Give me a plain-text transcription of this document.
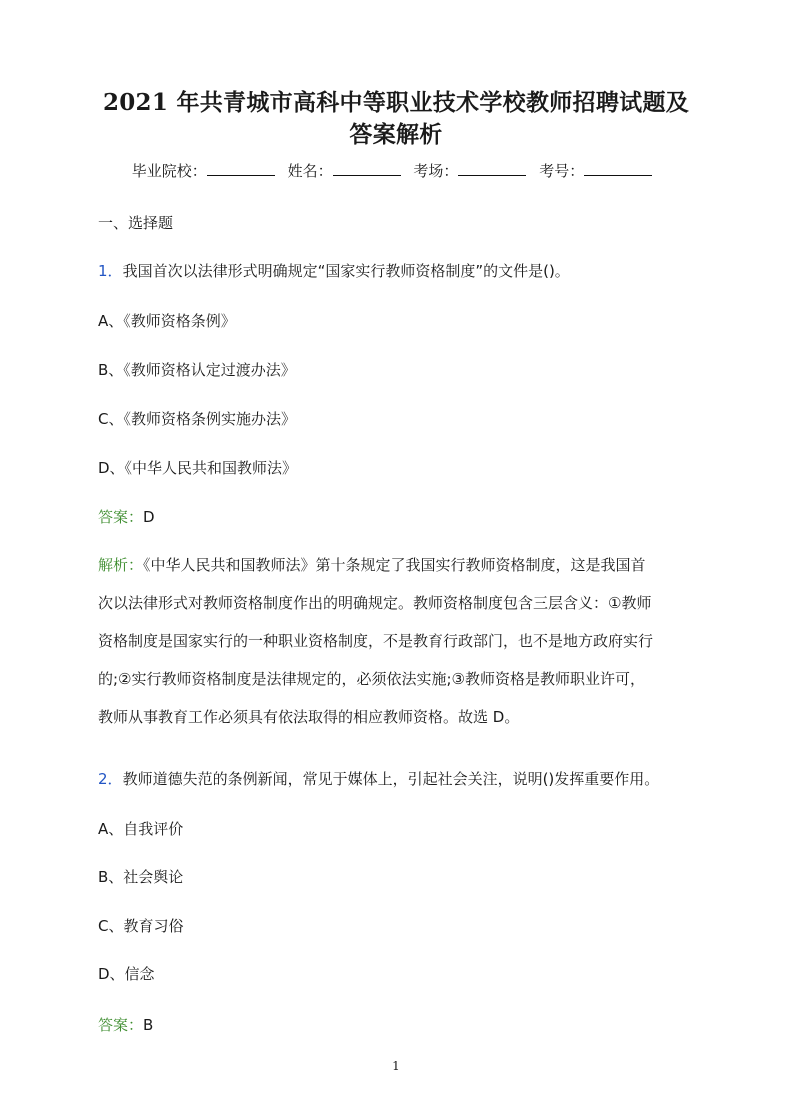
2021 年共青城市高科中等职业技术学校教师招聘试题及
答案解析
毕业院校：	姓名：	考场：	考号：
一、选择题
1．我国首次以法律形式明确规定“国家实行教师资格制度”的文件是()。
A、《教师资格条例》
B、《教师资格认定过渡办法》
C、《教师资格条例实施办法》
D、《中华人民共和国教师法》
答案：D
解析：《中华人民共和国教师法》第十条规定了我国实行教师资格制度，这是我国首
次以法律形式对教师资格制度作出的明确规定。教师资格制度包含三层含义：①教师
资格制度是国家实行的一种职业资格制度，不是教育行政部门，也不是地方政府实行
的;②实行教师资格制度是法律规定的，必须依法实施;③教师资格是教师职业许可，
教师从事教育工作必须具有依法取得的相应教师资格。故选 D。
2．教师道德失范的条例新闻，常见于媒体上，引起社会关注，说明()发挥重要作用。
A、自我评价
B、社会舆论
C、教育习俗
D、信念
答案：B
1
